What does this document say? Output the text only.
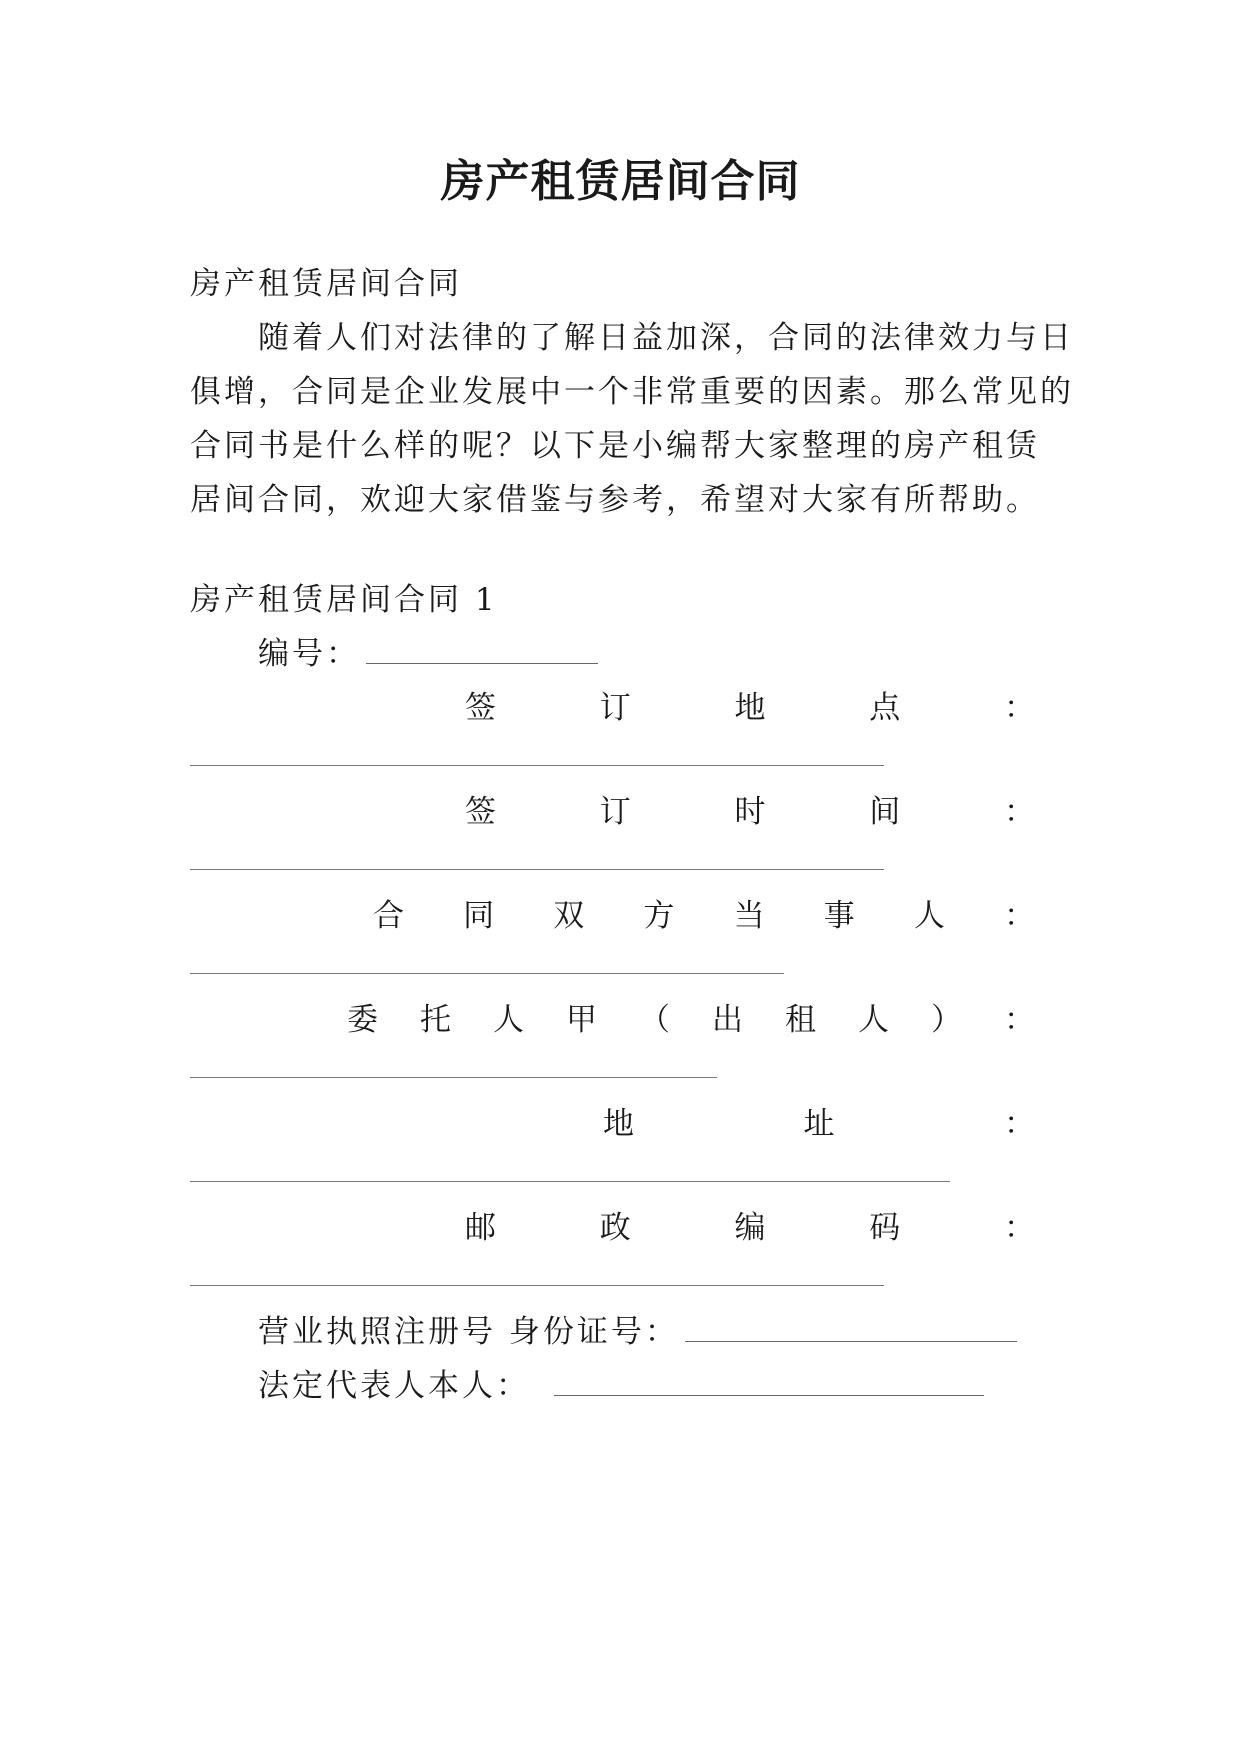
房产租赁居间合同
房产租赁居间合同
随着人们对法律的了解日益加深，合同的法律效力与日
俱增，合同是企业发展中一个非常重要的因素。那么常见的
合同书是什么样的呢？以下是小编帮大家整理的房产租赁
居间合同，欢迎大家借鉴与参考，希望对大家有所帮助。
房产租赁居间合同 1
编号：
签	订	地	点	：
签	订	时	间	：
合 同 双 方 当 事 人 ：
委 托 人 甲 （ 出 租 人 ） ：
地	址	：
邮	政	编	码	：
营业执照注册号 身份证号：
法定代表人本人：
